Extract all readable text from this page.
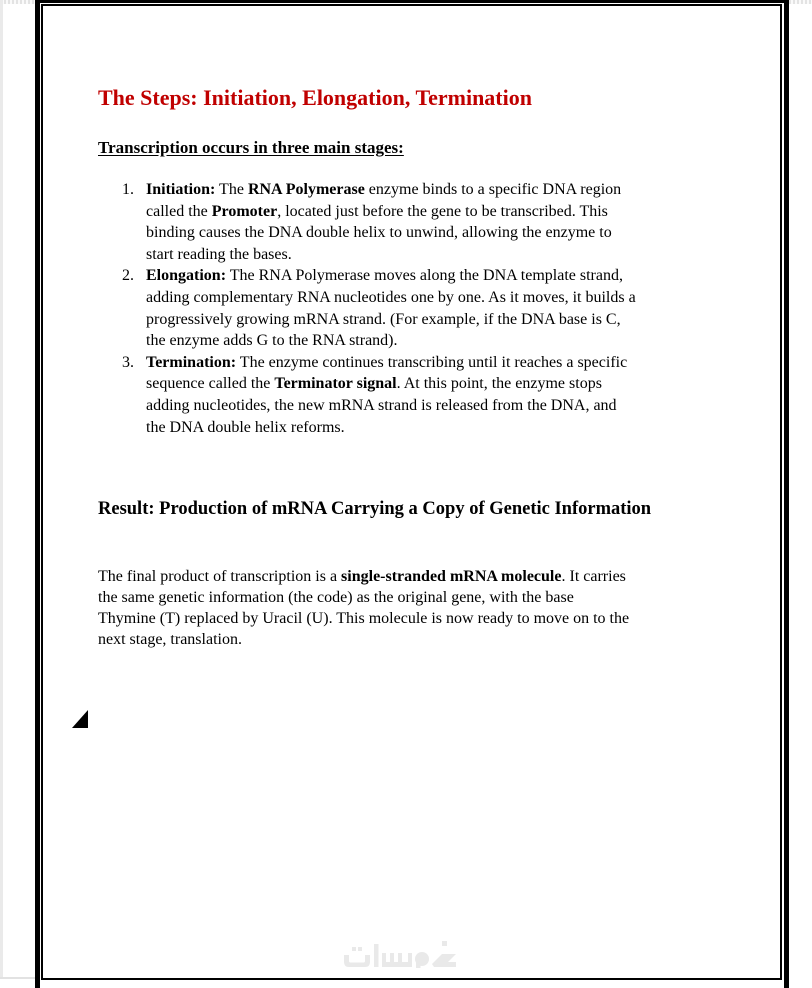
The Steps: Initiation, Elongation, Termination
Transcription occurs in three main stages:
1. Initiation: The RNA Polymerase enzyme binds to a specific DNA region
called the Promoter, located just before the gene to be transcribed. This
binding causes the DNA double helix to unwind, allowing the enzyme to
start reading the bases.
2. Elongation: The RNA Polymerase moves along the DNA template strand,
adding complementary RNA nucleotides one by one. As it moves, it builds a
progressively growing mRNA strand. (For example, if the DNA base is C,
the enzyme adds G to the RNA strand).
3. Termination: The enzyme continues transcribing until it reaches a specific
sequence called the Terminator signal. At this point, the enzyme stops
adding nucleotides, the new mRNA strand is released from the DNA, and
the DNA double helix reforms.
Result: Production of mRNA Carrying a Copy of Genetic Information
The final product of transcription is a single-stranded mRNA molecule. It carries
the same genetic information (the code) as the original gene, with the base
Thymine (T) replaced by Uracil (U). This molecule is now ready to move on to the
next stage, translation.
